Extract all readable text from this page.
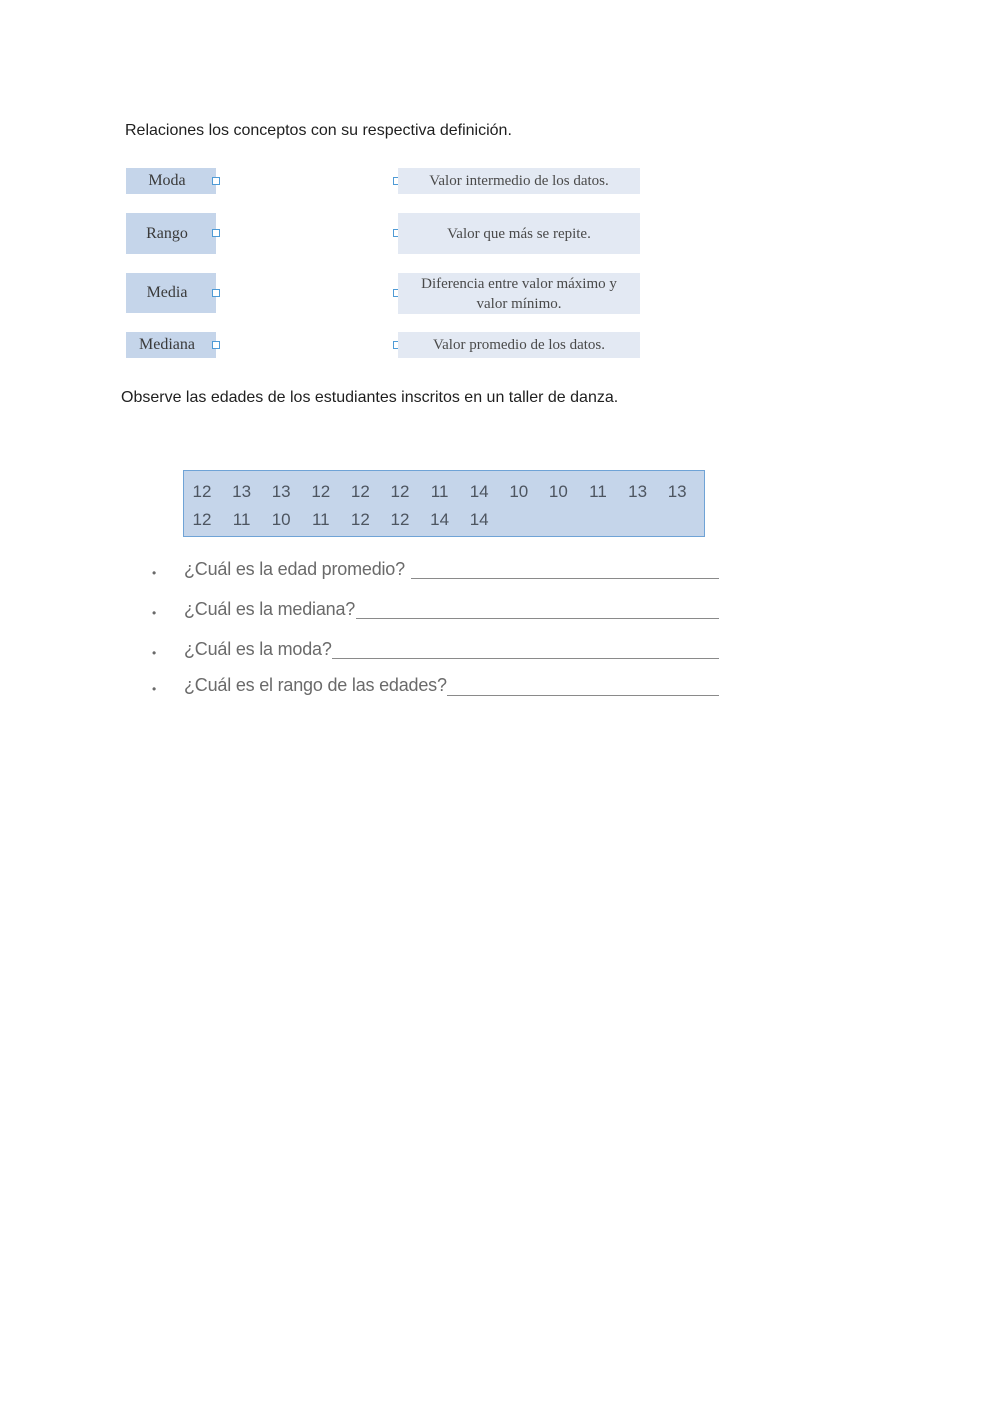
Relaciones los conceptos con su respectiva definición.
Moda
Rango
Media
Mediana
Valor intermedio de los datos.
Valor que más se repite.
Diferencia entre valor máximo y valor mínimo.
Valor promedio de los datos.
Observe las edades de los estudiantes inscritos en un taller de danza.
12	13	13	12	12	12	11	14	10	10	11	13	13
12	11	10	11	12	12	14	14
• ¿Cuál es la edad promedio?
• ¿Cuál es la mediana?
• ¿Cuál es la moda?
• ¿Cuál es el rango de las edades?
